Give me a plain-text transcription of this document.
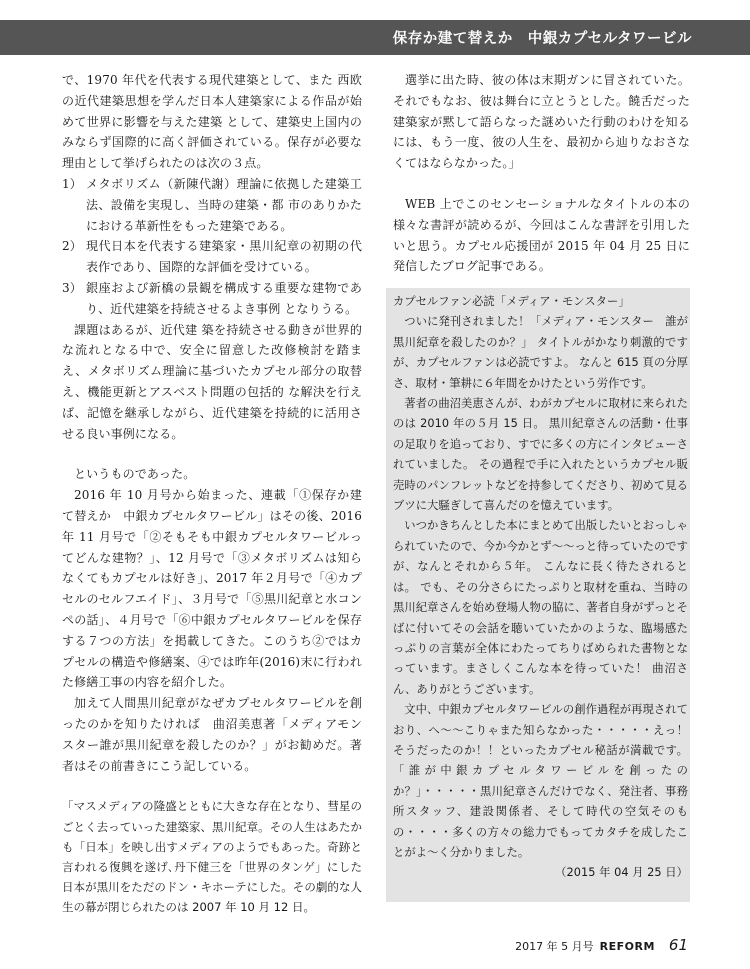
保存か建て替えか　中銀カプセルタワービル

で、1970 年代を代表する現代建築として、また 西欧の近代建築思想を学んだ日本人建築家による作品が始めて世界に影響を与えた建築 として、建築史上国内のみならず国際的に高く評価されている。保存が必要な理由として挙げられたのは次の３点。

1） メタボリズム（新陳代謝）理論に依拠した建築工法、設備を実現し、当時の建築・都 市のありかたにおける革新性をもった建築である。
2） 現代日本を代表する建築家・黒川紀章の初期の代表作であり、国際的な評価を受けている。
3） 銀座および新橋の景観を構成する重要な建物であり、近代建築を持続させるよき事例 となりうる。

課題はあるが、近代建 築を持続させる動きが世界的な流れとなる中で、安全に留意した改修検討を踏まえ、メタボリズム理論に基づいたカプセル部分の取替え、機能更新とアスベスト問題の包括的 な解決を行えば、記憶を継承しながら、近代建築を持続的に活用させる良い事例になる。

というものであった。

2016 年 10 月号から始まった、連載「①保存か建て替えか　中銀カプセルタワービル」はその後、2016 年 11 月号で「②そもそも中銀カプセルタワービルってどんな建物？」、12 月号で「③メタボリズムは知らなくてもカプセルは好き」、2017 年２月号で「④カプセルのセルフエイド」、３月号で「⑤黒川紀章と水コンペの話」、４月号で「⑥中銀カプセルタワービルを保存する７つの方法」を掲載してきた。このうち②ではカプセルの構造や修繕案、④では昨年(2016)末に行われた修繕工事の内容を紹介した。

加えて人間黒川紀章がなぜカプセルタワービルを創ったのかを知りたければ　曲沼美恵著「メディアモンスター誰が黒川紀章を殺したのか？」がお勧めだ。著者はその前書きにこう記している。

「マスメディアの隆盛とともに大きな存在となり、彗星のごとく去っていった建築家、黒川紀章。その人生はあたかも「日本」を映し出すメディアのようでもあった。奇跡と言われる復興を遂げ､丹下健三を「世界のタンゲ」にした日本が黒川をただのドン・キホーテにした。その劇的な人生の幕が閉じられたのは 2007 年 10 月 12 日。

選挙に出た時、彼の体は末期ガンに冒されていた。それでもなお、彼は舞台に立とうとした。饒舌だった建築家が黙して語らなった謎めいた行動のわけを知るには、もう一度、彼の人生を、最初から辿りなおさなくてはならなかった。」

WEB 上でこのセンセーショナルなタイトルの本の様々な書評が読めるが、今回はこんな書評を引用したいと思う。カプセル応援団が 2015 年 04 月 25 日に発信したブログ記事である。

カプセルファン必読「メディア・モンスター」

ついに発刊されました！「メディア・モンスター　誰が黒川紀章を殺したのか？」 タイトルがかなり刺激的ですが、カプセルファンは必読ですよ。 なんと 615 頁の分厚さ、取材・筆耕に６年間をかけたという労作です。

著者の曲沼美恵さんが、わがカプセルに取材に来られたのは 2010 年の５月 15 日。 黒川紀章さんの活動・仕事の足取りを追っており、すでに多くの方にインタビューされていました。 その過程で手に入れたというカプセル販売時のパンフレットなどを持参してくださり、初めて見るブツに大騒ぎして喜んだのを憶えています。

いつかきちんとした本にまとめて出版したいとおっしゃられていたので、今か今かとず～～っと待っていたのですが、なんとそれから５年。 こんなに長く待たされるとは。 でも、その分さらにたっぷりと取材を重ね、当時の黒川紀章さんを始め登場人物の脇に、著者自身がずっとそばに付いてその会話を聴いていたかのような、臨場感たっぷりの言葉が全体にわたってちりばめられた書物となっています。まさしくこんな本を待っていた！ 曲沼さん、ありがとうございます。

文中、中銀カプセルタワービルの創作過程が再現されており、へ～～こりゃまた知らなかった・・・・・えっ！そうだったのか！！といったカプセル秘話が満載です。「誰が中銀カプセルタワービルを創ったのか？」・・・・・黒川紀章さんだけでなく、発注者、事務所スタッフ、建設関係者、そして時代の空気そのもの・・・・多くの方々の総力でもってカタチを成したことがよ～く分かりました。

（2015 年 04 月 25 日）

2017 年 5 月号 REFORM 61
